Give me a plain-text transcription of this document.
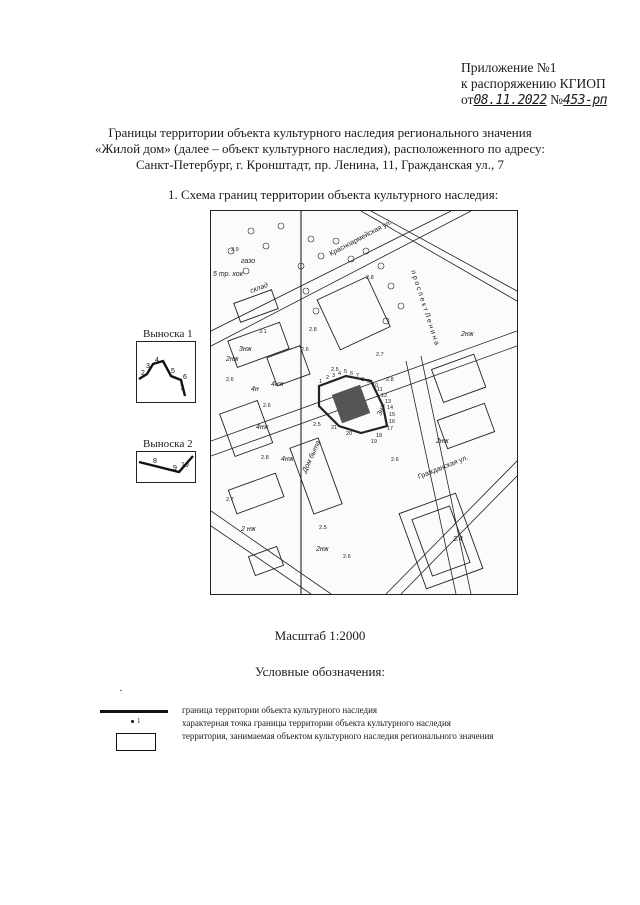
Приложение №1
к распоряжению КГИОП
от08.11.2022 №453-рп
Границы территории объекта культурного наследия регионального значения
«Жилой дом» (далее – объект культурного наследия), расположенного по адресу:
Санкт-Петербург, г. Кронштадт, пр. Ленина, 11, Гражданская ул., 7
1. Схема границ территории объекта культурного наследия:
Красноармейская ул.
Гражданская ул.
п р о с п е к т Л е н и н а
газо
склад
5 тр. хок
Дом быта
2 нж
4нж
3нж
2нж
4нж
2нж
2нж
4н
4нж
3нж
2нж
3.4
2.9
3.1	2.8
2.8
2.7
2.6
2.6
2.5
2.6
2.7
2.5
2.6
2.8
2.6
2.5
2.8
1
2 3 4 5 6 7
8 9
10
11
12
13
14
15
16
17
18
19
20
21
Выноска 1
2
3
4
5
6
7
Выноска 2
8
9 10
Масштаб 1:2000
Условные обозначения:
граница территории объекта культурного наследия
1	характерная точка границы территории объекта культурного наследия
территория, занимаемая объектом культурного наследия регионального значения
